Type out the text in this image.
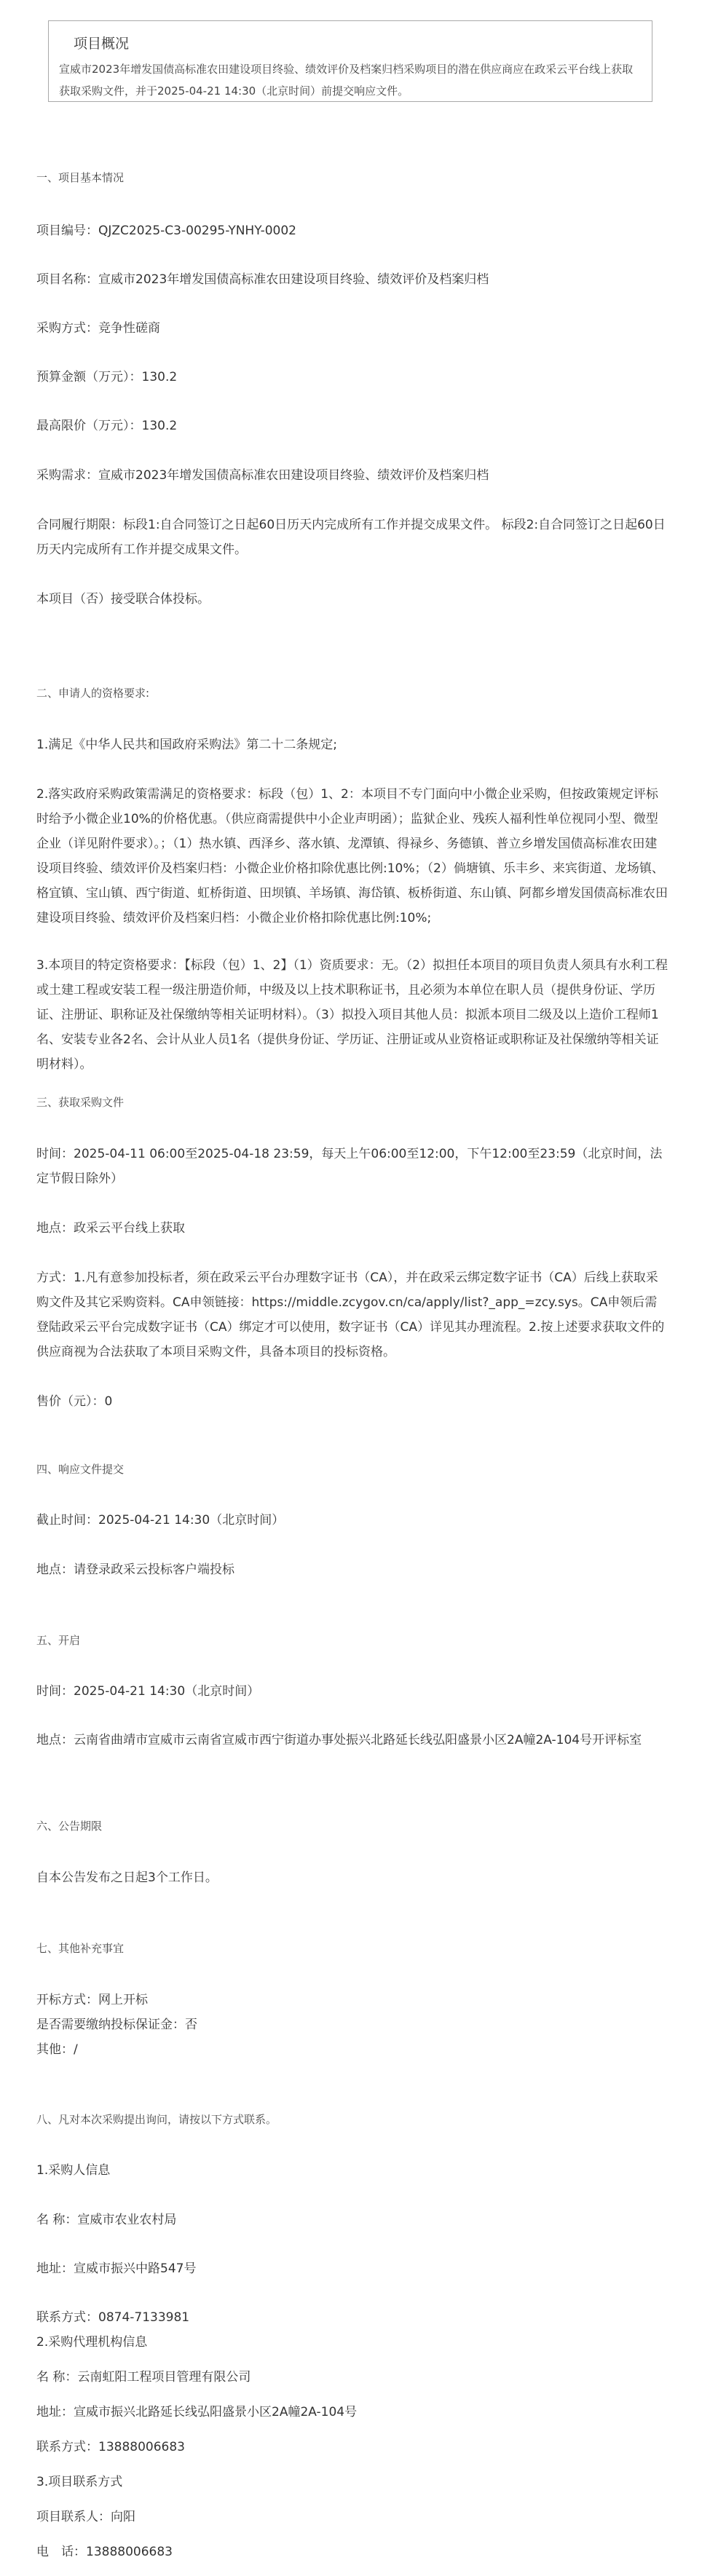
项目概况
宣威市2023年增发国债高标准农田建设项目终验、绩效评价及档案归档采购项目的潜在供应商应在政采云平台线上获取获取采购文件，并于2025-04-21 14:30（北京时间）前提交响应文件。
一、项目基本情况
项目编号：QJZC2025-C3-00295-YNHY-0002
项目名称：宣威市2023年增发国债高标准农田建设项目终验、绩效评价及档案归档
采购方式：竞争性磋商
预算金额（万元）：130.2
最高限价（万元）：130.2
采购需求：宣威市2023年增发国债高标准农田建设项目终验、绩效评价及档案归档
合同履行期限：标段1:自合同签订之日起60日历天内完成所有工作并提交成果文件。 标段2:自合同签订之日起60日历天内完成所有工作并提交成果文件。
本项目（否）接受联合体投标。
二、申请人的资格要求:
1.满足《中华人民共和国政府采购法》第二十二条规定;
2.落实政府采购政策需满足的资格要求：标段（包）1、2：本项目不专门面向中小微企业采购，但按政策规定评标时给予小微企业10%的价格优惠。（供应商需提供中小企业声明函）；监狱企业、残疾人福利性单位视同小型、微型企业（详见附件要求）。；（1）热水镇、西泽乡、落水镇、龙潭镇、得禄乡、务德镇、普立乡增发国债高标准农田建设项目终验、绩效评价及档案归档：小微企业价格扣除优惠比例:10%；（2）倘塘镇、乐丰乡、来宾街道、龙场镇、格宜镇、宝山镇、西宁街道、虹桥街道、田坝镇、羊场镇、海岱镇、板桥街道、东山镇、阿都乡增发国债高标准农田建设项目终验、绩效评价及档案归档：小微企业价格扣除优惠比例:10%;
3.本项目的特定资格要求：【标段（包）1、2】（1）资质要求：无。（2）拟担任本项目的项目负责人须具有水利工程或土建工程或安装工程一级注册造价师，中级及以上技术职称证书，且必须为本单位在职人员（提供身份证、学历证、注册证、职称证及社保缴纳等相关证明材料）。（3）拟投入项目其他人员：拟派本项目二级及以上造价工程师1名、安装专业各2名、会计从业人员1名（提供身份证、学历证、注册证或从业资格证或职称证及社保缴纳等相关证明材料）。
三、获取采购文件
时间：2025-04-11 06:00至2025-04-18 23:59，每天上午06:00至12:00，下午12:00至23:59（北京时间，法定节假日除外）
地点：政采云平台线上获取
方式：1.凡有意参加投标者，须在政采云平台办理数字证书（CA），并在政采云绑定数字证书（CA）后线上获取采购文件及其它采购资料。CA申领链接：https://middle.zcygov.cn/ca/apply/list?_app_=zcy.sys。CA申领后需登陆政采云平台完成数字证书（CA）绑定才可以使用，数字证书（CA）详见其办理流程。2.按上述要求获取文件的供应商视为合法获取了本项目采购文件，具备本项目的投标资格。
售价（元）：0
四、响应文件提交
截止时间：2025-04-21 14:30（北京时间）
地点：请登录政采云投标客户端投标
五、开启
时间：2025-04-21 14:30（北京时间）
地点：云南省曲靖市宣威市云南省宣威市西宁街道办事处振兴北路延长线弘阳盛景小区2A幢2A-104号开评标室
六、公告期限
自本公告发布之日起3个工作日。
七、其他补充事宜
开标方式：网上开标
是否需要缴纳投标保证金：否
其他：/
八、凡对本次采购提出询问，请按以下方式联系。
1.采购人信息
名 称：宣威市农业农村局
地址：宣威市振兴中路547号
联系方式：0874-7133981
2.采购代理机构信息
名 称：云南虹阳工程项目管理有限公司
地址：宣威市振兴北路延长线弘阳盛景小区2A幢2A-104号
联系方式：13888006683
3.项目联系方式
项目联系人：向阳
电　话：13888006683
